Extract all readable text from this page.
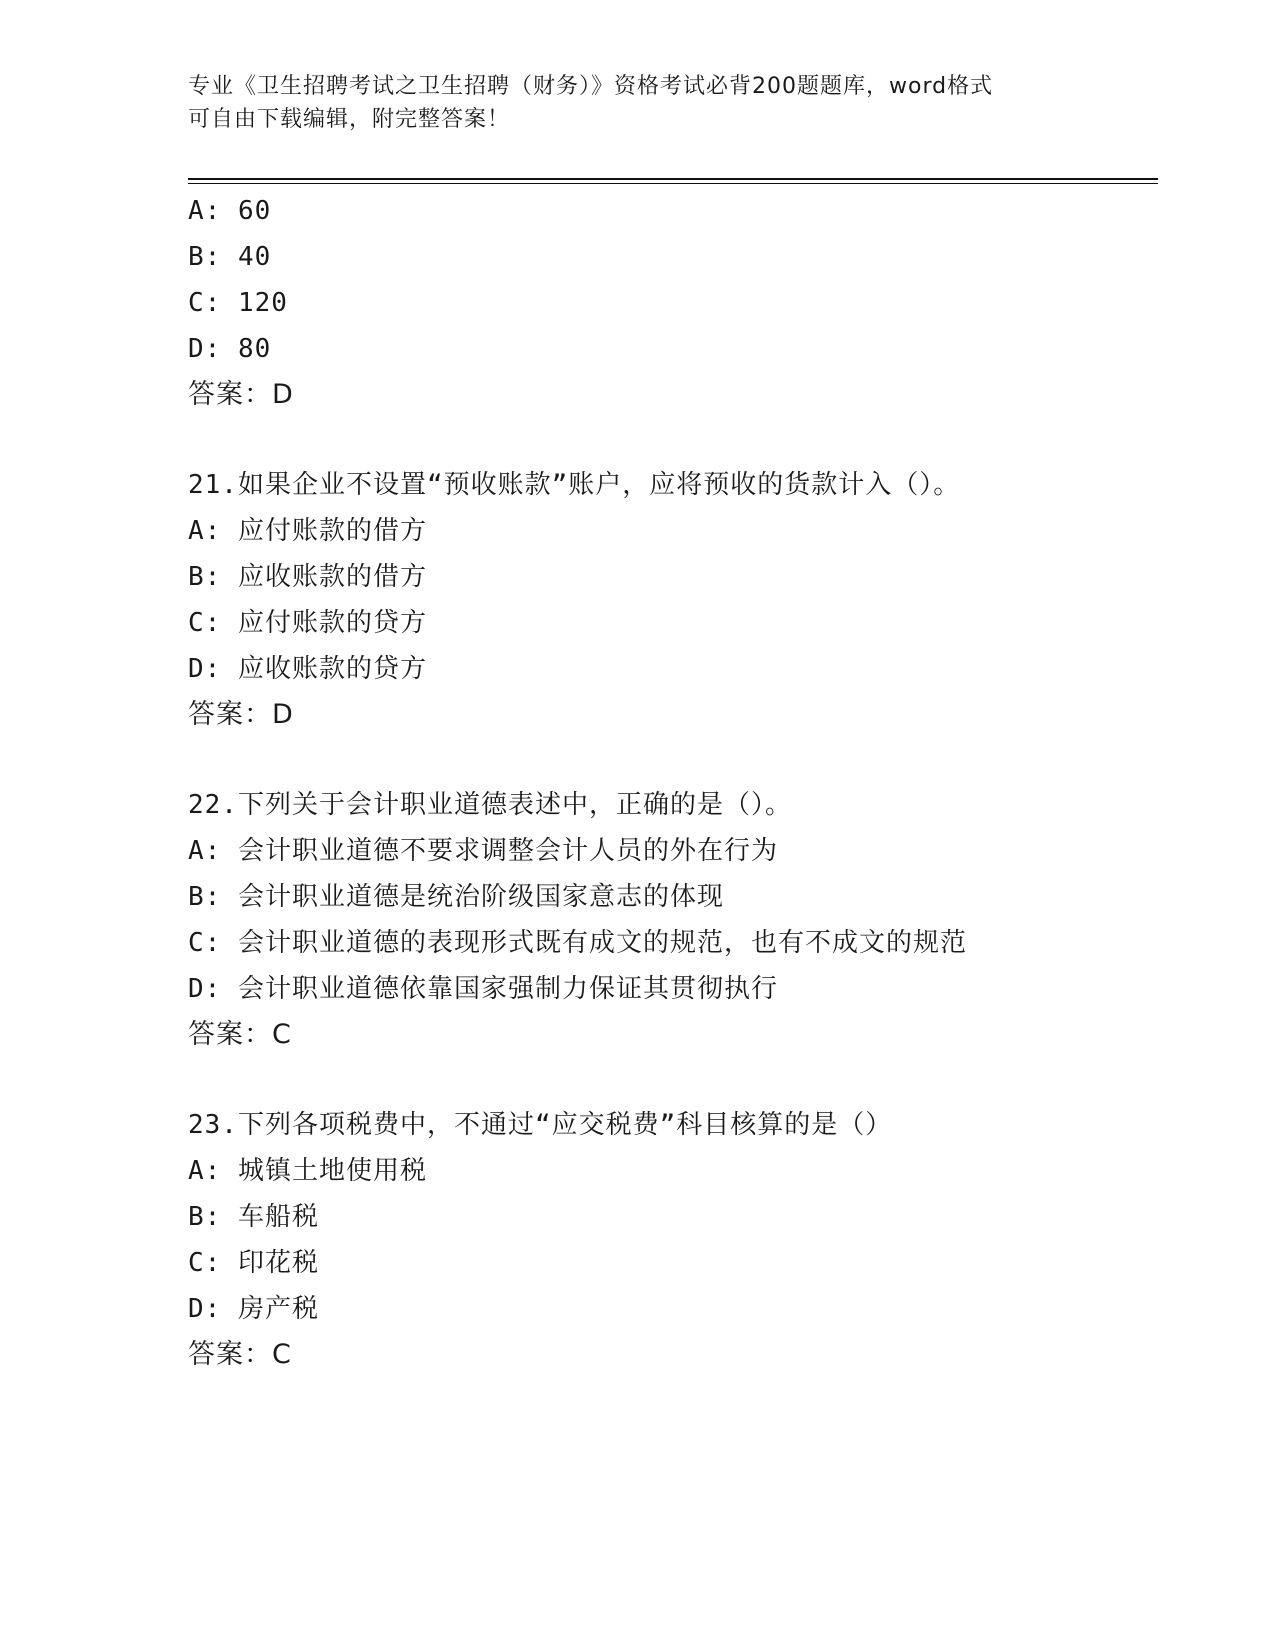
专业《卫生招聘考试之卫生招聘（财务）》资格考试必背200题题库，word格式
可自由下载编辑，附完整答案！
A: 60
B: 40
C: 120
D: 80
答案：D
21.如果企业不设置“预收账款”账户，应将预收的货款计入（）。
A: 应付账款的借方
B: 应收账款的借方
C: 应付账款的贷方
D: 应收账款的贷方
答案：D
22.下列关于会计职业道德表述中，正确的是（）。
A: 会计职业道德不要求调整会计人员的外在行为
B: 会计职业道德是统治阶级国家意志的体现
C: 会计职业道德的表现形式既有成文的规范，也有不成文的规范
D: 会计职业道德依靠国家强制力保证其贯彻执行
答案：C
23.下列各项税费中，不通过“应交税费”科目核算的是（）
A: 城镇土地使用税
B: 车船税
C: 印花税
D: 房产税
答案：C
